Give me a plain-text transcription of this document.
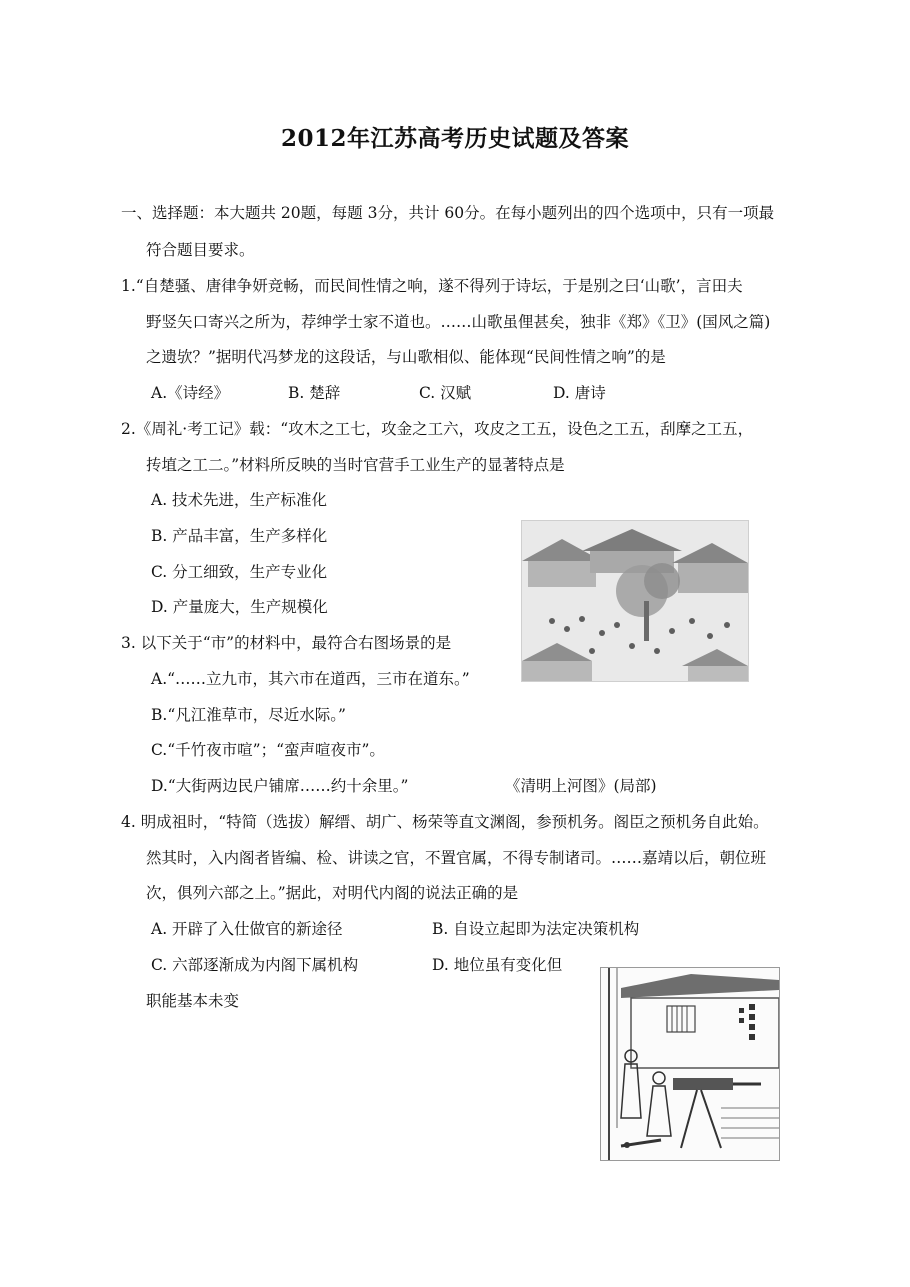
2012年江苏高考历史试题及答案
一、选择题：本大题共 20题，每题 3分，共计 60分。在每小题列出的四个选项中，只有一项最
符合题目要求。
1.“自楚骚、唐律争妍竞畅，而民间性情之响，遂不得列于诗坛，于是别之曰‘山歌’，言田夫
野竖矢口寄兴之所为，荐绅学士家不道也。……山歌虽俚甚矣，独非《郑》《卫》(国风之篇)
之遗欤？”据明代冯梦龙的这段话，与山歌相似、能体现“民间性情之响”的是
A.《诗经》	B. 楚辞	C. 汉赋	D. 唐诗
2.《周礼·考工记》载：“攻木之工七，攻金之工六，攻皮之工五，设色之工五，刮摩之工五，
抟埴之工二。”材料所反映的当时官营手工业生产的显著特点是
A. 技术先进，生产标准化
B. 产品丰富，生产多样化
C. 分工细致，生产专业化
D. 产量庞大，生产规模化
3. 以下关于“市”的材料中，最符合右图场景的是
A.“……立九市，其六市在道西，三市在道东。”
B.“凡江淮草市，尽近水际。”
C.“千竹夜市喧”；“蛮声喧夜市”。
D.“大街两边民户铺席……约十余里。”	《清明上河图》(局部)
4. 明成祖时，“特简（选拔）解缙、胡广、杨荣等直文渊阁，参预机务。阁臣之预机务自此始。
然其时，入内阁者皆编、检、讲读之官，不置官属，不得专制诸司。……嘉靖以后，朝位班
次，俱列六部之上。”据此，对明代内阁的说法正确的是
A. 开辟了入仕做官的新途径	B. 自设立起即为法定决策机构
C. 六部逐渐成为内阁下属机构	D. 地位虽有变化但
职能基本未变
